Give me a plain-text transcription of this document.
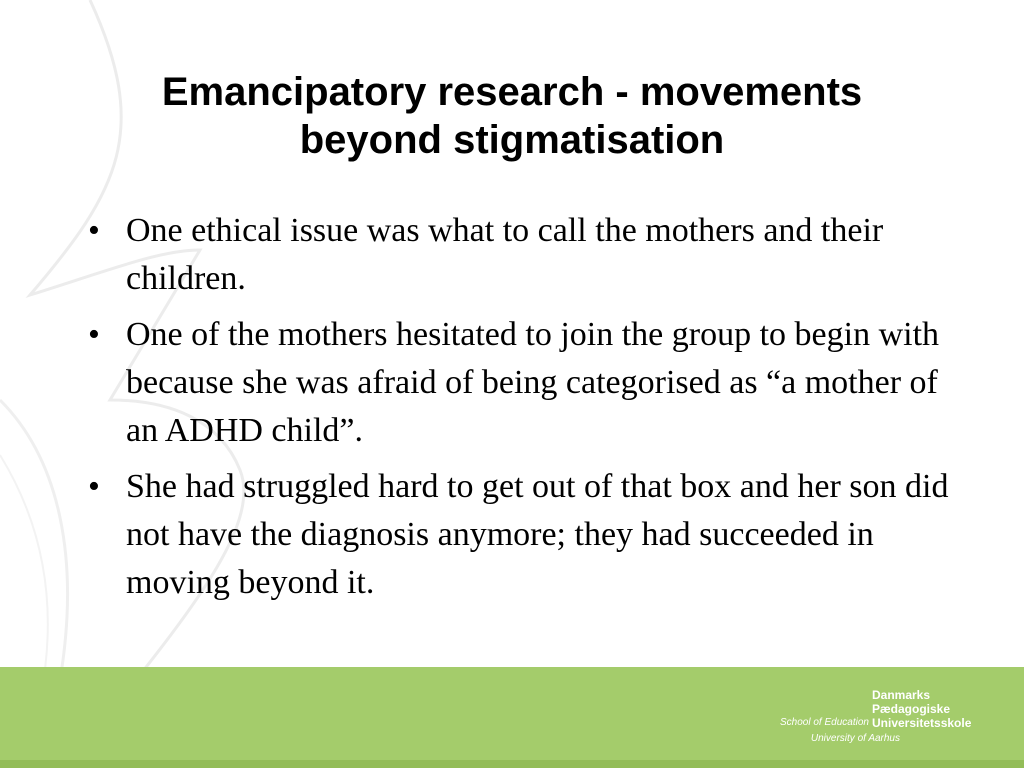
Emancipatory research - movements
beyond stigmatisation
• One ethical issue was what to call the mothers and their children.
• One of the mothers hesitated to join the group to begin with because she was afraid of being categorised as “a mother of an ADHD child”.
• She had struggled hard to get out of that box and her son did not have the diagnosis anymore; they had succeeded in moving beyond it.
Danmarks
Pædagogiske
Universitetsskole
School of Education
University of Aarhus
